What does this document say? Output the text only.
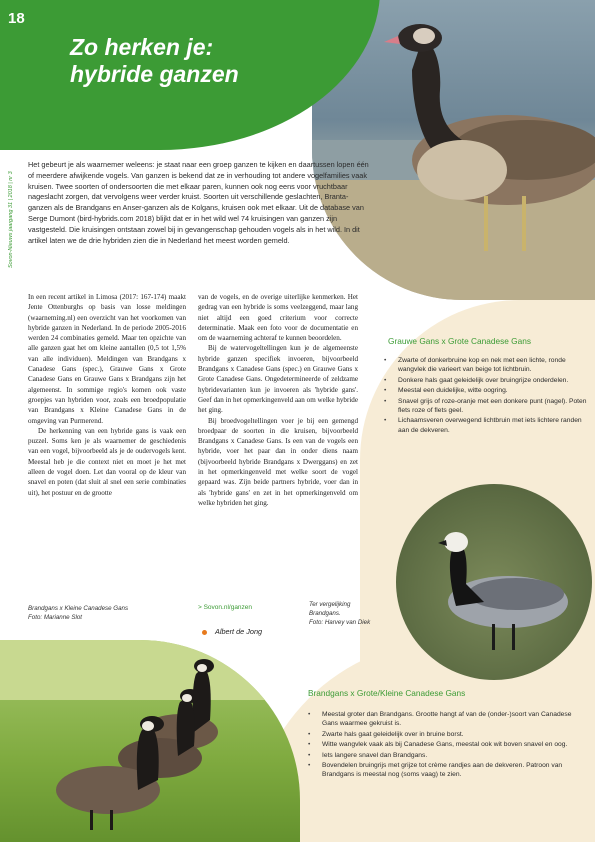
18
Zo herken je:
hybride ganzen
Sovon-Nieuws jaargang 31 | 2018 | nr 3
Het gebeurt je als waarnemer weleens: je staat naar een groep ganzen te kijken en daartussen lopen één of meerdere afwijkende vogels. Van ganzen is bekend dat ze in verhouding tot andere vogelfamilies vaak kruisen. Twee soorten of ondersoorten die met elkaar paren, kunnen ook nog eens voor vruchtbaar nageslacht zorgen, dat vervolgens weer verder kruist. Soorten uit verschillende geslachten, Branta-ganzen als de Brandgans en Anser-ganzen als de Kolgans, kruisen ook met elkaar. Uit de database van Serge Dumont (bird-hybrids.com 2018) blijkt dat er in het wild wel 74 kruisingen van ganzen zijn vastgesteld. Die kruisingen ontstaan zowel bij in gevangenschap gehouden vogels als in het wild. In dit artikel laten we de drie hybriden zien die in Nederland het meest worden gemeld.

In een recent artikel in Limosa (2017: 167-174) maakt Jente Ottenburghs op basis van losse meldingen (waarneming.nl) een overzicht van het voorkomen van hybride ganzen in Nederland. In de periode 2005-2016 werden 24 combinaties gemeld. Maar ten opzichte van alle ganzen gaat het om kleine aantallen (0,5 tot 1,5% van alle individuen). Meldingen van Brandgans x Canadese Gans (spec.), Grauwe Gans x Grote Canadese Gans en Grauwe Gans x Brandgans zijn het algemeenst. In sommige regio's komen ook vaste groepjes van hybriden voor, zoals een broedpopulatie van Brandgans x Kleine Canadese Gans in de omgeving van Purmerend.

De herkenning van een hybride gans is vaak een puzzel. Soms ken je als waarnemer de geschiedenis van een vogel, bijvoorbeeld als je de oudervogels kent. Meestal heb je die context niet en moet je het met alleen de vogel doen. Let dan vooral op de kleur van snavel en poten (dat sluit al snel een serie combinaties uit), het postuur en de grootte

van de vogels, en de overige uiterlijke kenmerken. Het gedrag van een hybride is soms veelzeggend, maar lang niet altijd een goed criterium voor correcte determinatie. Maak een foto voor de documentatie en om de waarneming achteraf te kunnen beoordelen.

Bij de watervogeltellingen kun je de algemeenste hybride ganzen specifiek invoeren, bijvoorbeeld Brandgans x Canadese Gans (spec.) en Grauwe Gans x Grote Canadese Gans. Ongedetermineerde of zeldzame hybridevarianten kun je invoeren als 'hybride gans'. Geef dan in het opmerkingenveld aan om welke hybride het ging.

Bij broedvogeltellingen voer je bij een gemengd broedpaar de soorten in die kruisen, bijvoorbeeld Brandgans x Canadese Gans. Is een van de vogels een hybride, voer het paar dan in onder diens naam (bijvoorbeeld hybride Brandgans x Dwerggans) en zet in het opmerkingenveld met welke soort de vogel gepaard was. Zijn beide partners hybride, voer dan in als 'hybride gans' en zet in het opmerkingenveld om welke hybriden het ging.

Brandgans x Kleine Canadese Gans
Foto: Marianne Slot
> Sovon.nl/ganzen
Albert de Jong
Ter vergelijking
Brandgans.
Foto: Harvey van Diek
Grauwe Gans x Grote Canadese Gans
• Zwarte of donkerbruine kop en nek met een lichte, ronde wangvlek die varieert van beige tot lichtbruin.
• Donkere hals gaat geleidelijk over bruingrijze onderdelen.
• Meestal een duidelijke, witte oogring.
• Snavel grijs of roze-oranje met een donkere punt (nagel). Poten flets roze of flets geel.
• Lichaamsveren overwegend lichtbruin met iets lichtere randen aan de dekveren.
Brandgans x Grote/Kleine Canadese Gans
• Meestal groter dan Brandgans. Grootte hangt af van de (onder-)soort van Canadese Gans waarmee gekruist is.
• Zwarte hals gaat geleidelijk over in bruine borst.
• Witte wangvlek vaak als bij Canadese Gans, meestal ook wit boven snavel en oog.
• Iets langere snavel dan Brandgans.
• Bovendelen bruingrijs met grijze tot crème randjes aan de dekveren. Patroon van Brandgans is meestal nog (soms vaag) te zien.
